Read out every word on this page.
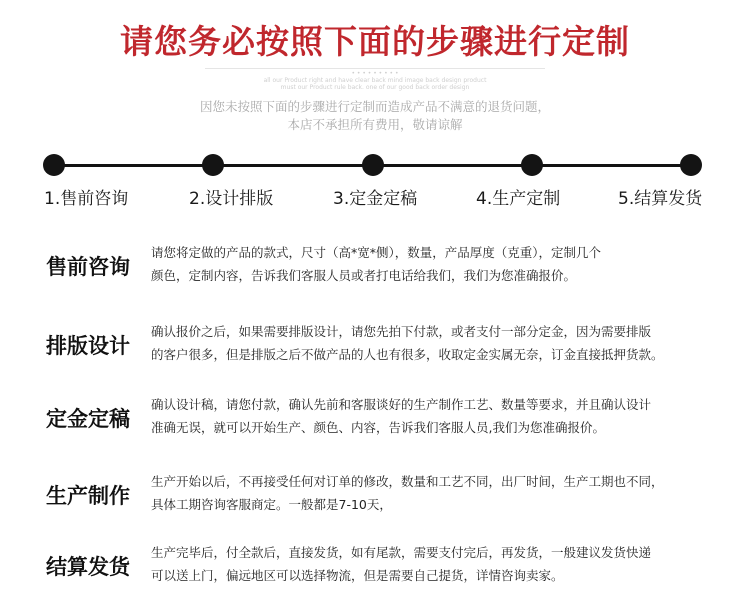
请您务必按照下面的步骤进行定制
• • • • • • • • •
all our Product right and have clear back mind image back design product
must our Product rule back. one of our good back order design
因您未按照下面的步骤进行定制而造成产品不满意的退货问题，
本店不承担所有费用，敬请谅解
1.售前咨询	2.设计排版	3.定金定稿	4.生产定制	5.结算发货
售前咨询
请您将定做的产品的款式，尺寸（高*宽*侧），数量，产品厚度（克重），定制几个
颜色，定制内容，告诉我们客服人员或者打电话给我们，我们为您准确报价。
排版设计
确认报价之后，如果需要排版设计，请您先拍下付款，或者支付一部分定金，因为需要排版
的客户很多，但是排版之后不做产品的人也有很多，收取定金实属无奈，订金直接抵押货款。
定金定稿
确认设计稿，请您付款，确认先前和客服谈好的生产制作工艺、数量等要求，并且确认设计
准确无误，就可以开始生产、颜色、内容，告诉我们客服人员,我们为您准确报价。
生产制作
生产开始以后，不再接受任何对订单的修改，数量和工艺不同，出厂时间，生产工期也不同，
具体工期咨询客服商定。一般都是7-10天，
结算发货
生产完毕后，付全款后，直接发货，如有尾款，需要支付完后，再发货，一般建议发货快递
可以送上门，偏远地区可以选择物流，但是需要自己提货，详情咨询卖家。
